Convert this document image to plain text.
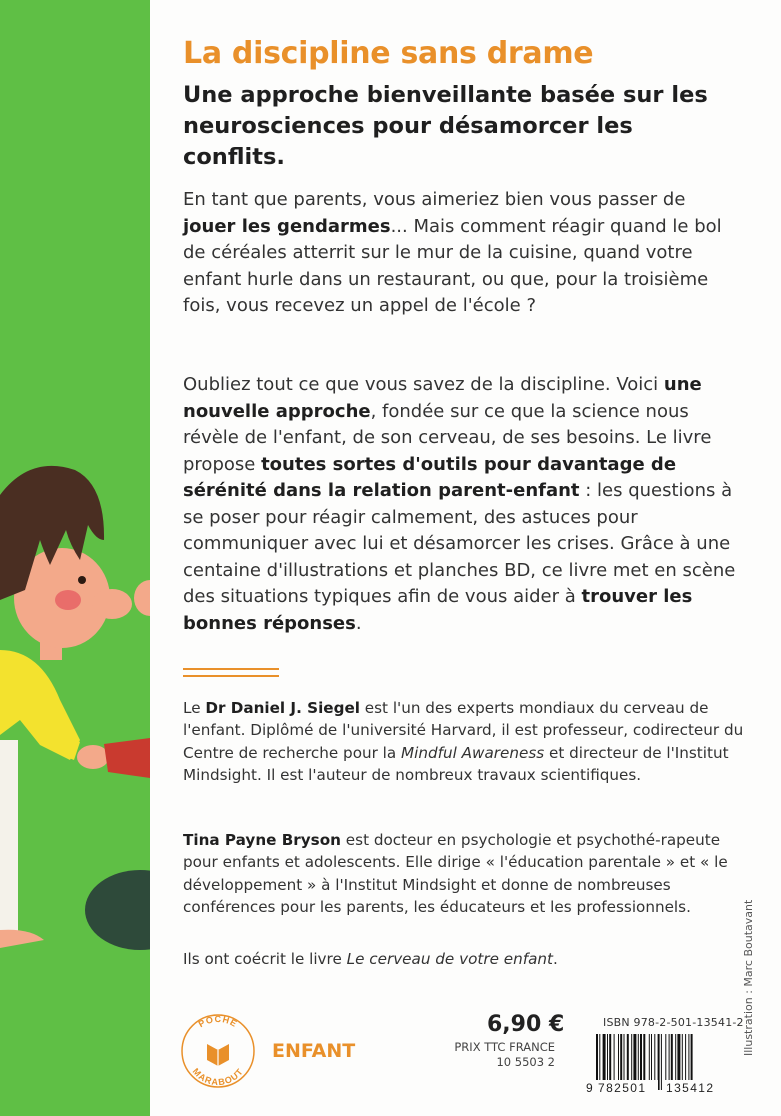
La discipline sans drame
Une approche bienveillante basée sur les neurosciences pour désamorcer les conflits.
En tant que parents, vous aimeriez bien vous passer de jouer les gendarmes... Mais comment réagir quand le bol de céréales atterrit sur le mur de la cuisine, quand votre enfant hurle dans un restaurant, ou que, pour la troisième fois, vous recevez un appel de l'école ?
Oubliez tout ce que vous savez de la discipline. Voici une nouvelle approche, fondée sur ce que la science nous révèle de l'enfant, de son cerveau, de ses besoins. Le livre propose toutes sortes d'outils pour davantage de sérénité dans la relation parent-enfant : les questions à se poser pour réagir calmement, des astuces pour communiquer avec lui et désamorcer les crises. Grâce à une centaine d'illustrations et planches BD, ce livre met en scène des situations typiques afin de vous aider à trouver les bonnes réponses.
Le Dr Daniel J. Siegel est l'un des experts mondiaux du cerveau de l'enfant. Diplômé de l'université Harvard, il est professeur, codirecteur du Centre de recherche pour la Mindful Awareness et directeur de l'Institut Mindsight. Il est l'auteur de nombreux travaux scientifiques.
Tina Payne Bryson est docteur en psychologie et psychothé-rapeute pour enfants et adolescents. Elle dirige « l'éducation parentale » et « le développement » à l'Institut Mindsight et donne de nombreuses conférences pour les parents, les éducateurs et les professionnels.
Ils ont coécrit le livre Le cerveau de votre enfant.	Illustration : Marc Boutavant
POCHE
MARABOUT
ENFANT
6,90 €
PRIX TTC FRANCE
10 5503 2
ISBN 978-2-501-13541-2
9 782501 135412
